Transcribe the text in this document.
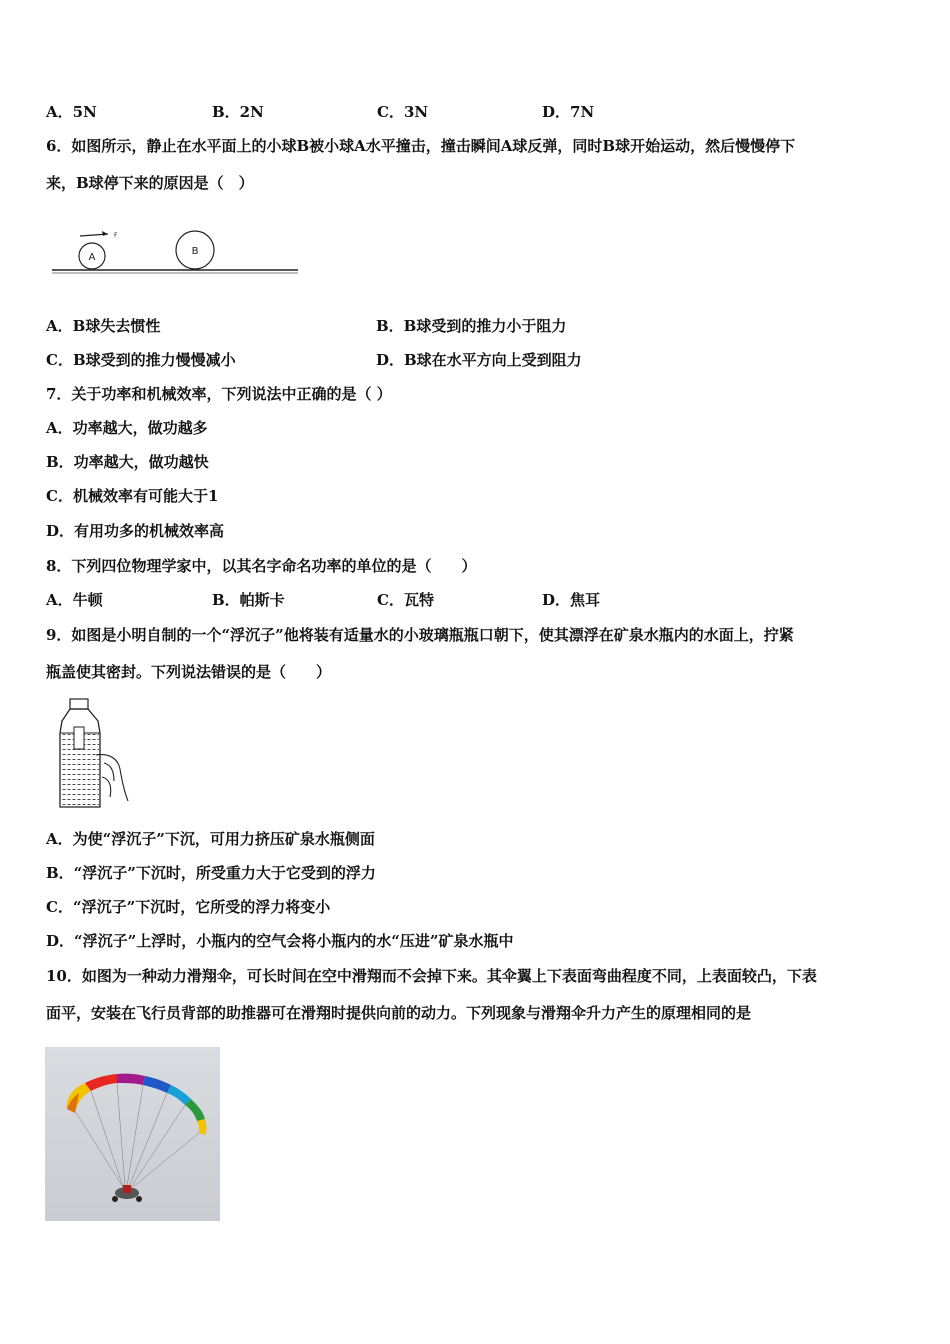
A．5N	B．2N	C．3N	D．7N
6．如图所示，静止在水平面上的小球B被小球A水平撞击，撞击瞬间A球反弹，同时B球开始运动，然后慢慢停下
来，B球停下来的原因是（　）
A
F
B
A．B球失去惯性	B．B球受到的推力小于阻力
C．B球受到的推力慢慢减小	D．B球在水平方向上受到阻力
7．关于功率和机械效率，下列说法中正确的是（ ）
A．功率越大，做功越多
B．功率越大，做功越快
C．机械效率有可能大于1
D．有用功多的机械效率高
8．下列四位物理学家中，以其名字命名功率的单位的是（　　）
A．牛顿	B．帕斯卡	C．瓦特	D．焦耳
9．如图是小明自制的一个“浮沉子”他将装有适量水的小玻璃瓶瓶口朝下，使其漂浮在矿泉水瓶内的水面上，拧紧
瓶盖使其密封。下列说法错误的是（　　）
A．为使“浮沉子”下沉，可用力挤压矿泉水瓶侧面
B．“浮沉子”下沉时，所受重力大于它受到的浮力
C．“浮沉子”下沉时，它所受的浮力将变小
D．“浮沉子”上浮时，小瓶内的空气会将小瓶内的水“压进”矿泉水瓶中
10．如图为一种动力滑翔伞，可长时间在空中滑翔而不会掉下来。其伞翼上下表面弯曲程度不同，上表面较凸，下表
面平，安装在飞行员背部的助推器可在滑翔时提供向前的动力。下列现象与滑翔伞升力产生的原理相同的是
